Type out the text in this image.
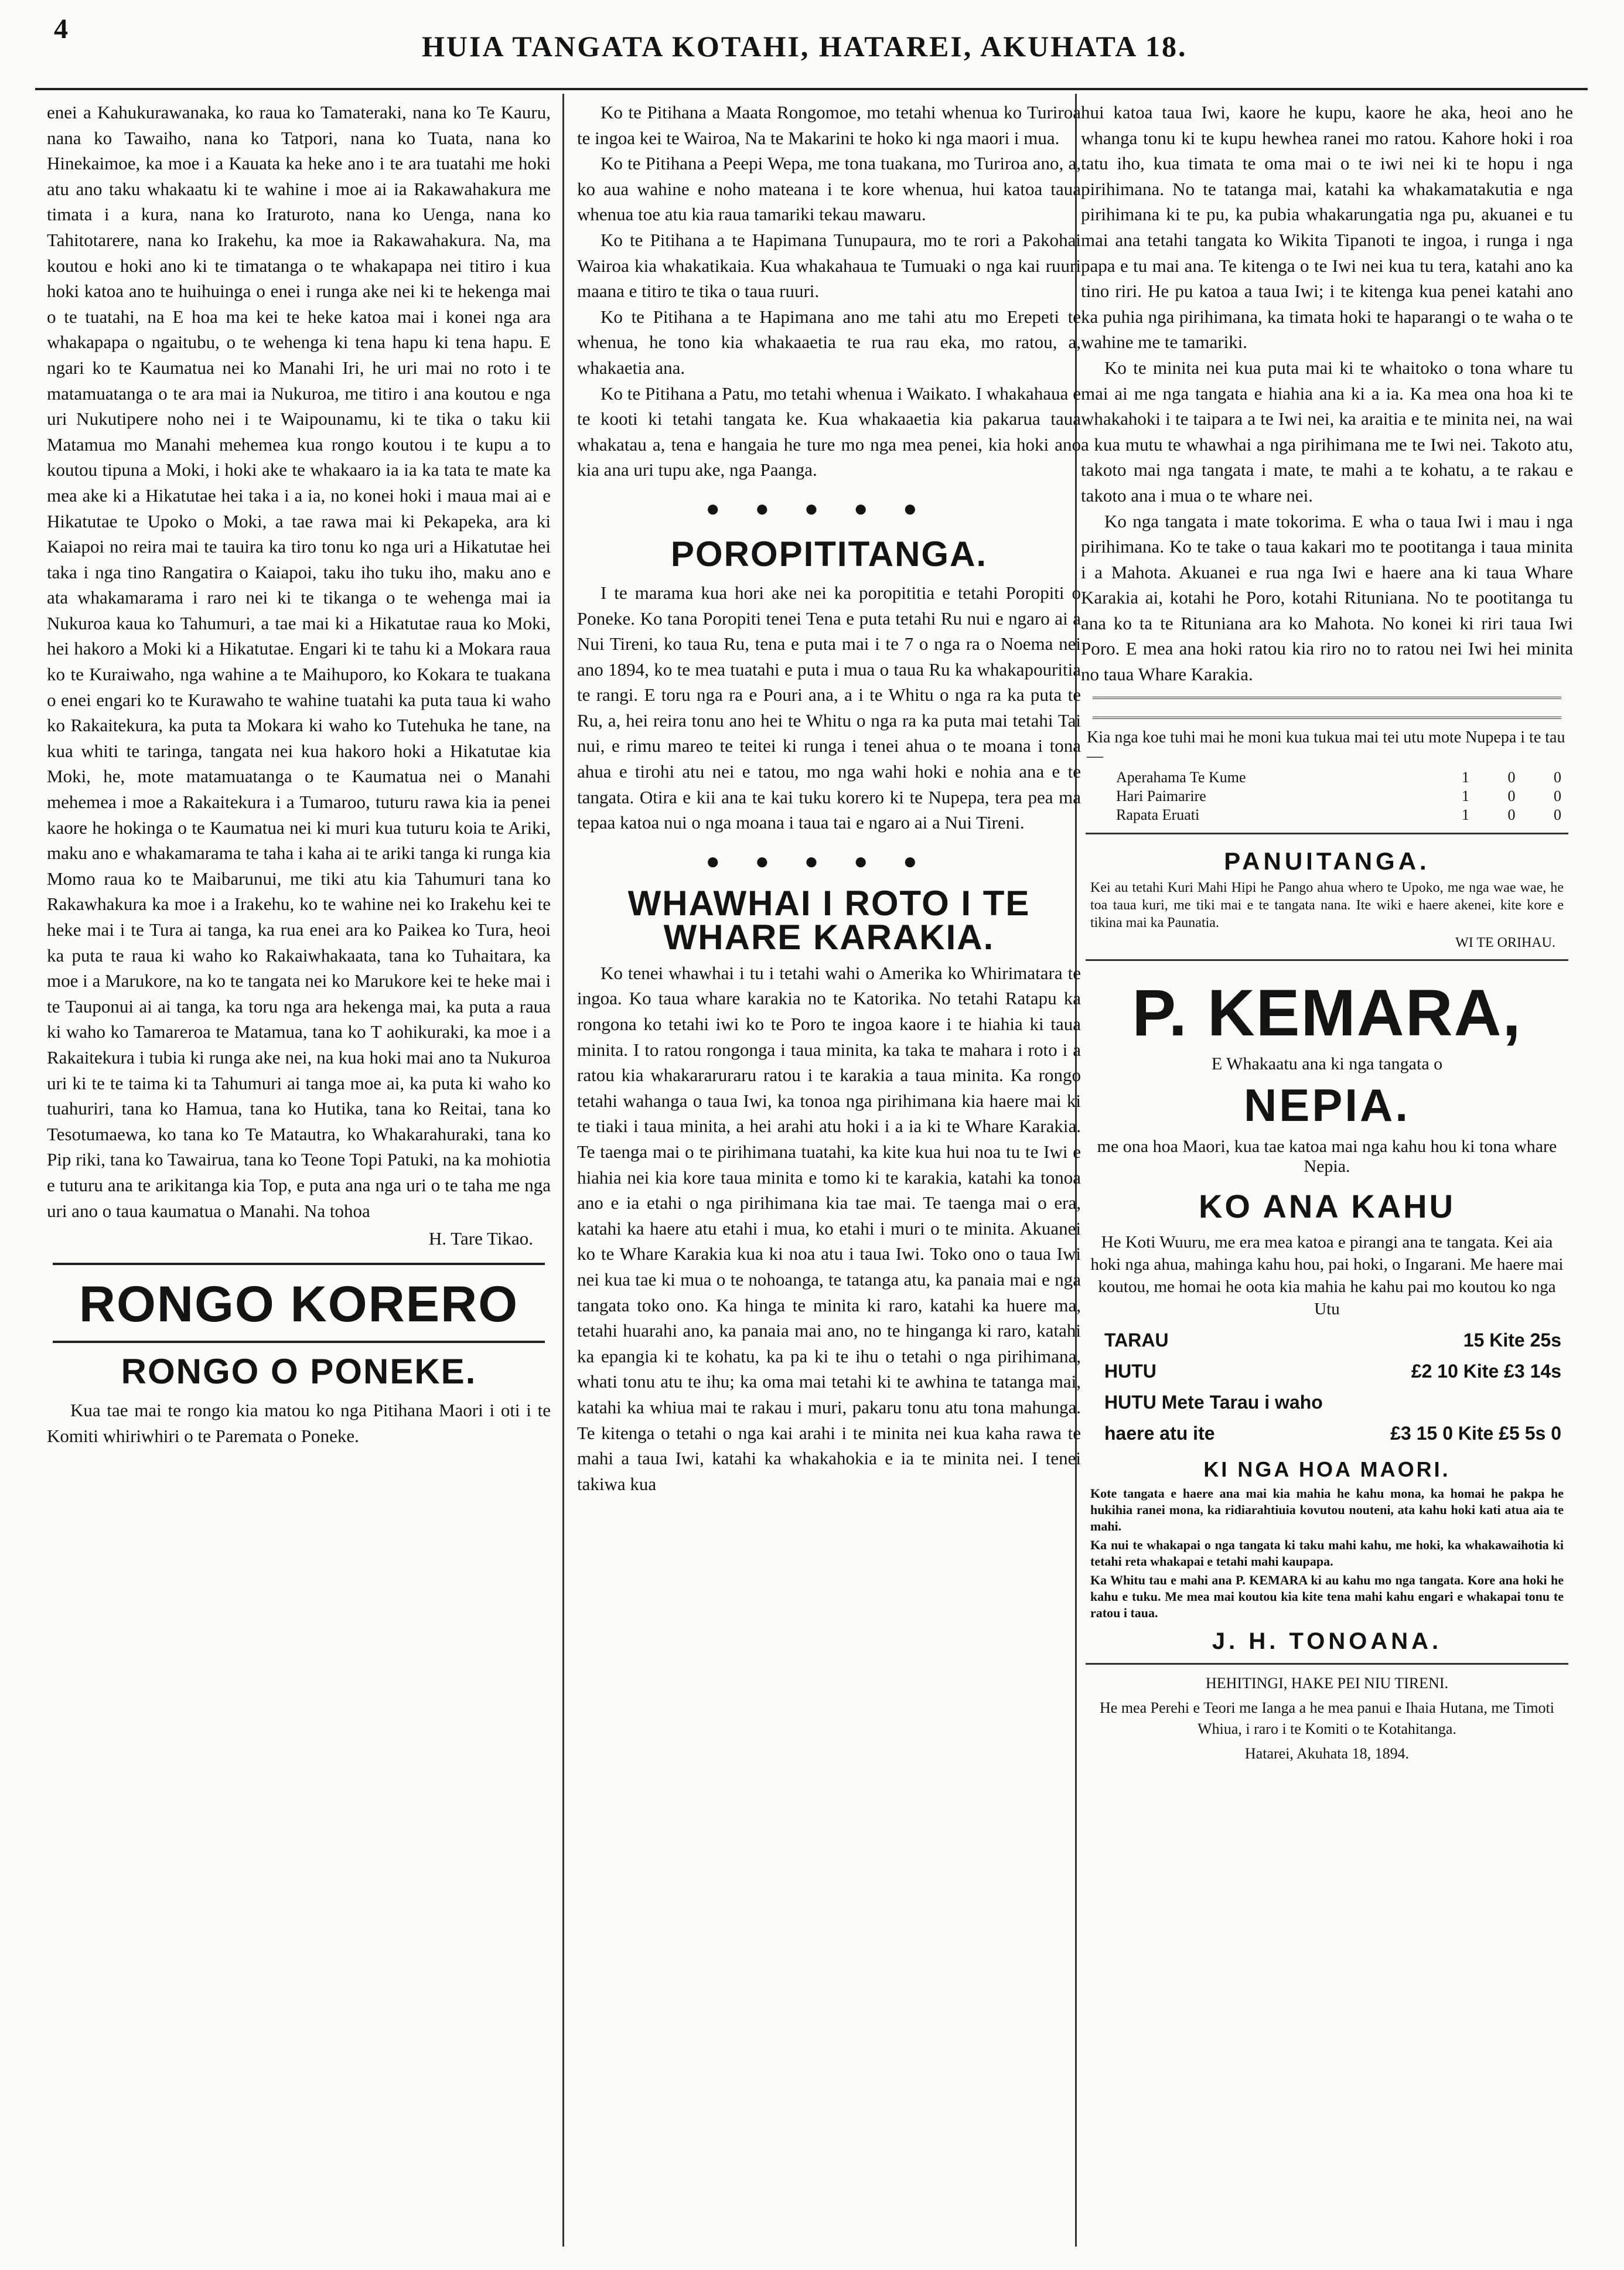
4
HUIA TANGATA KOTAHI, HATAREI, AKUHATA 18.

enei a Kahukurawanaka, ko raua ko Tamateraki, nana ko Te Kauru, nana ko Tawaiho, nana ko Tatpori, nana ko Tuata, nana ko Hinekaimoe, ka moe i a Kauata ka heke ano i te ara tuatahi me hoki atu ano taku whakaatu ki te wahine i moe ai ia Rakawahakura me timata i a kura, nana ko Iraturoto, nana ko Uenga, nana ko Tahitotarere, nana ko Irakehu, ka moe ia Rakawahakura. Na, ma koutou e hoki ano ki te timatanga o te whakapapa nei titiro i kua hoki katoa ano te huihuinga o enei i runga ake nei ki te hekenga mai o te tuatahi, na E hoa ma kei te heke katoa mai i konei nga ara whakapapa o ngaitubu, o te wehenga ki tena hapu ki tena hapu. E ngari ko te Kaumatua nei ko Manahi Iri, he uri mai no roto i te matamuatanga o te ara mai ia Nukuroa, me titiro i ana koutou e nga uri Nukutipere noho nei i te Waipounamu, ki te tika o taku kii Matamua mo Manahi mehemea kua rongo koutou i te kupu a to koutou tipuna a Moki, i hoki ake te whakaaro ia ia ka tata te mate ka mea ake ki a Hikatutae hei taka i a ia, no konei hoki i maua mai ai e Hikatutae te Upoko o Moki, a tae rawa mai ki Pekapeka, ara ki Kaiapoi no reira mai te tauira ka tiro tonu ko nga uri a Hikatutae hei taka i nga tino Rangatira o Kaiapoi, taku iho tuku iho, maku ano e ata whakamarama i raro nei ki te tikanga o te wehenga mai ia Nukuroa kaua ko Tahumuri, a tae mai ki a Hikatutae raua ko Moki, hei hakoro a Moki ki a Hikatutae. Engari ki te tahu ki a Mokara raua ko te Kuraiwaho, nga wahine a te Maihuporo, ko Kokara te tuakana o enei engari ko te Kurawaho te wahine tuatahi ka puta taua ki waho ko Rakaitekura, ka puta ta Mokara ki waho ko Tutehuka he tane, na kua whiti te taringa, tangata nei kua hakoro hoki a Hikatutae kia Moki, he, mote matamuatanga o te Kaumatua nei o Manahi mehemea i moe a Rakaitekura i a Tumaroo, tuturu rawa kia ia penei kaore he hokinga o te Kaumatua nei ki muri kua tuturu koia te Ariki, maku ano e whakamarama te taha i kaha ai te ariki tanga ki runga kia Momo raua ko te Maibarunui, me tiki atu kia Tahumuri tana ko Rakawhakura ka moe i a Irakehu, ko te wahine nei ko Irakehu kei te heke mai i te Tura ai tanga, ka rua enei ara ko Paikea ko Tura, heoi ka puta te raua ki waho ko Rakaiwhakaata, tana ko Tuhaitara, ka moe i a Marukore, na ko te tangata nei ko Marukore kei te heke mai i te Tauponui ai ai tanga, ka toru nga ara hekenga mai, ka puta a raua ki waho ko Tamareroa te Matamua, tana ko T aohikuraki, ka moe i a Rakaitekura i tubia ki runga ake nei, na kua hoki mai ano ta Nukuroa uri ki te te taima ki ta Tahumuri ai tanga moe ai, ka puta ki waho ko tuahuriri, tana ko Hamua, tana ko Hutika, tana ko Reitai, tana ko Tesotumaewa, ko tana ko Te Matautra, ko Whakarahuraki, tana ko Pip riki, tana ko Tawairua, tana ko Teone Topi Patuki, na ka mohiotia e tuturu ana te arikitanga kia Top, e puta ana nga uri o te taha me nga uri ano o taua kaumatua o Manahi. Na tohoa

H. Tare Tikao.
RONGO KORERO
RONGO O PONEKE.

Kua tae mai te rongo kia matou ko nga Pitihana Maori i oti i te Komiti whiriwhiri o te Paremata o Poneke.

Ko te Pitihana a Maata Rongomoe, mo tetahi whenua ko Turiroa te ingoa kei te Wairoa, Na te Makarini te hoko ki nga maori i mua.

Ko te Pitihana a Peepi Wepa, me tona tuakana, mo Turiroa ano, a, ko aua wahine e noho mateana i te kore whenua, hui katoa taua whenua toe atu kia raua tamariki tekau mawaru.

Ko te Pitihana a te Hapimana Tunupaura, mo te rori a Pakohai Wairoa kia whakatikaia. Kua whakahaua te Tumuaki o nga kai ruuri maana e titiro te tika o taua ruuri.

Ko te Pitihana a te Hapimana ano me tahi atu mo Erepeti te whenua, he tono kia whakaaetia te rua rau eka, mo ratou, a, whakaetia ana.

Ko te Pitihana a Patu, mo tetahi whenua i Waikato. I whakahaua e te kooti ki tetahi tangata ke. Kua whakaaetia kia pakarua taua whakatau a, tena e hangaia he ture mo nga mea penei, kia hoki ano kia ana uri tupu ake, nga Paanga.

●●●●●
POROPITITANGA.

I te marama kua hori ake nei ka poropititia e tetahi Poropiti o Poneke. Ko tana Poropiti tenei Tena e puta tetahi Ru nui e ngaro ai a Nui Tireni, ko taua Ru, tena e puta mai i te 7 o nga ra o Noema nei ano 1894, ko te mea tuatahi e puta i mua o taua Ru ka whakapouritia te rangi. E toru nga ra e Pouri ana, a i te Whitu o nga ra ka puta te Ru, a, hei reira tonu ano hei te Whitu o nga ra ka puta mai tetahi Tai nui, e rimu mareo te teitei ki runga i tenei ahua o te moana i tona ahua e tirohi atu nei e tatou, mo nga wahi hoki e nohia ana e te tangata. Otira e kii ana te kai tuku korero ki te Nupepa, tera pea ma tepaa katoa nui o nga moana i taua tai e ngaro ai a Nui Tireni.

●●●●●
WHAWHAI I ROTO I TE WHARE KARAKIA.

Ko tenei whawhai i tu i tetahi wahi o Amerika ko Whirimatara te ingoa. Ko taua whare karakia no te Katorika. No tetahi Ratapu ka rongona ko tetahi iwi ko te Poro te ingoa kaore i te hiahia ki taua minita. I to ratou rongonga i taua minita, ka taka te mahara i roto i a ratou kia whakararuraru ratou i te karakia a taua minita. Ka rongo tetahi wahanga o taua Iwi, ka tonoa nga pirihimana kia haere mai ki te tiaki i taua minita, a hei arahi atu hoki i a ia ki te Whare Karakia. Te taenga mai o te pirihimana tuatahi, ka kite kua hui noa tu te Iwi e hiahia nei kia kore taua minita e tomo ki te karakia, katahi ka tonoa ano e ia etahi o nga pirihimana kia tae mai. Te taenga mai o era, katahi ka haere atu etahi i mua, ko etahi i muri o te minita. Akuanei ko te Whare Karakia kua ki noa atu i taua Iwi. Toko ono o taua Iwi nei kua tae ki mua o te nohoanga, te tatanga atu, ka panaia mai e nga tangata toko ono. Ka hinga te minita ki raro, katahi ka huere ma, tetahi huarahi ano, ka panaia mai ano, no te hinganga ki raro, katahi ka epangia ki te kohatu, ka pa ki te ihu o tetahi o nga pirihimana, whati tonu atu te ihu; ka oma mai tetahi ki te awhina te tatanga mai, katahi ka whiua mai te rakau i muri, pakaru tonu atu tona mahunga. Te kitenga o tetahi o nga kai arahi i te minita nei kua kaha rawa te mahi a taua Iwi, katahi ka whakahokia e ia te minita nei. I tenei takiwa kua

hui katoa taua Iwi, kaore he kupu, kaore he aka, heoi ano he whanga tonu ki te kupu hewhea ranei mo ratou. Kahore hoki i roa tatu iho, kua timata te oma mai o te iwi nei ki te hopu i nga pirihimana. No te tatanga mai, katahi ka whakamatakutia e nga pirihimana ki te pu, ka pubia whakarungatia nga pu, akuanei e tu mai ana tetahi tangata ko Wikita Tipanoti te ingoa, i runga i nga papa e tu mai ana. Te kitenga o te Iwi nei kua tu tera, katahi ano ka tino riri. He pu katoa a taua Iwi; i te kitenga kua penei katahi ano ka puhia nga pirihimana, ka timata hoki te haparangi o te waha o te wahine me te tamariki.

Ko te minita nei kua puta mai ki te whaitoko o tona whare tu mai ai me nga tangata e hiahia ana ki a ia. Ka mea ona hoa ki te whakahoki i te taipara a te Iwi nei, ka araitia e te minita nei, na wai a kua mutu te whawhai a nga pirihimana me te Iwi nei. Takoto atu, takoto mai nga tangata i mate, te mahi a te kohatu, a te rakau e takoto ana i mua o te whare nei.

Ko nga tangata i mate tokorima. E wha o taua Iwi i mau i nga pirihimana. Ko te take o taua kakari mo te pootitanga i taua minita i a Mahota. Akuanei e rua nga Iwi e haere ana ki taua Whare Karakia ai, kotahi he Poro, kotahi Rituniana. No te pootitanga tu ana ko ta te Rituniana ara ko Mahota. No konei ki riri taua Iwi Poro. E mea ana hoki ratou kia riro no to ratou nei Iwi hei minita no taua Whare Karakia.

Kia nga koe tuhi mai he moni kua tukua mai tei utu mote Nupepa i te tau—
Aperahama Te Kume	1	0	0
Hari Paimarire	1	0	0
Rapata Eruati	1	0	0
PANUITANGA.
Kei au tetahi Kuri Mahi Hipi he Pango ahua whero te Upoko, me nga wae wae, he toa taua kuri, me tiki mai e te tangata nana. Ite wiki e haere akenei, kite kore e tikina mai ka Paunatia.
WI TE ORIHAU.
P. KEMARA,
E Whakaatu ana ki nga tangata o
NEPIA.
me ona hoa Maori, kua tae katoa mai nga kahu hou ki tona whare Nepia.
KO ANA KAHU
He Koti Wuuru, me era mea katoa e pirangi ana te tangata. Kei aia hoki nga ahua, mahinga kahu hou, pai hoki, o Ingarani. Me haere mai koutou, me homai he oota kia mahia he kahu pai mo koutou ko nga Utu
TARAU	15 Kite 25s
HUTU	£2 10 Kite £3 14s
HUTU Mete Tarau i waho
haere atu ite	£3 15 0 Kite £5 5s 0
KI NGA HOA MAORI.
Kote tangata e haere ana mai kia mahia he kahu mona, ka homai he pakpa he hukihia ranei mona, ka ridiarahtiuia kovutou nouteni, ata kahu hoki kati atua aia te mahi.
Ka nui te whakapai o nga tangata ki taku mahi kahu, me hoki, ka whakawaihotia ki tetahi reta whakapai e tetahi mahi kaupapa.
Ka Whitu tau e mahi ana P. KEMARA ki au kahu mo nga tangata. Kore ana hoki he kahu e tuku. Me mea mai koutou kia kite tena mahi kahu engari e whakapai tonu te ratou i taua.
J. H. TONOANA.
HEHITINGI, HAKE PEI NIU TIRENI.
He mea Perehi e Teori me Ianga a he mea panui e Ihaia Hutana, me Timoti Whiua, i raro i te Komiti o te Kotahitanga.
Hatarei, Akuhata 18, 1894.
